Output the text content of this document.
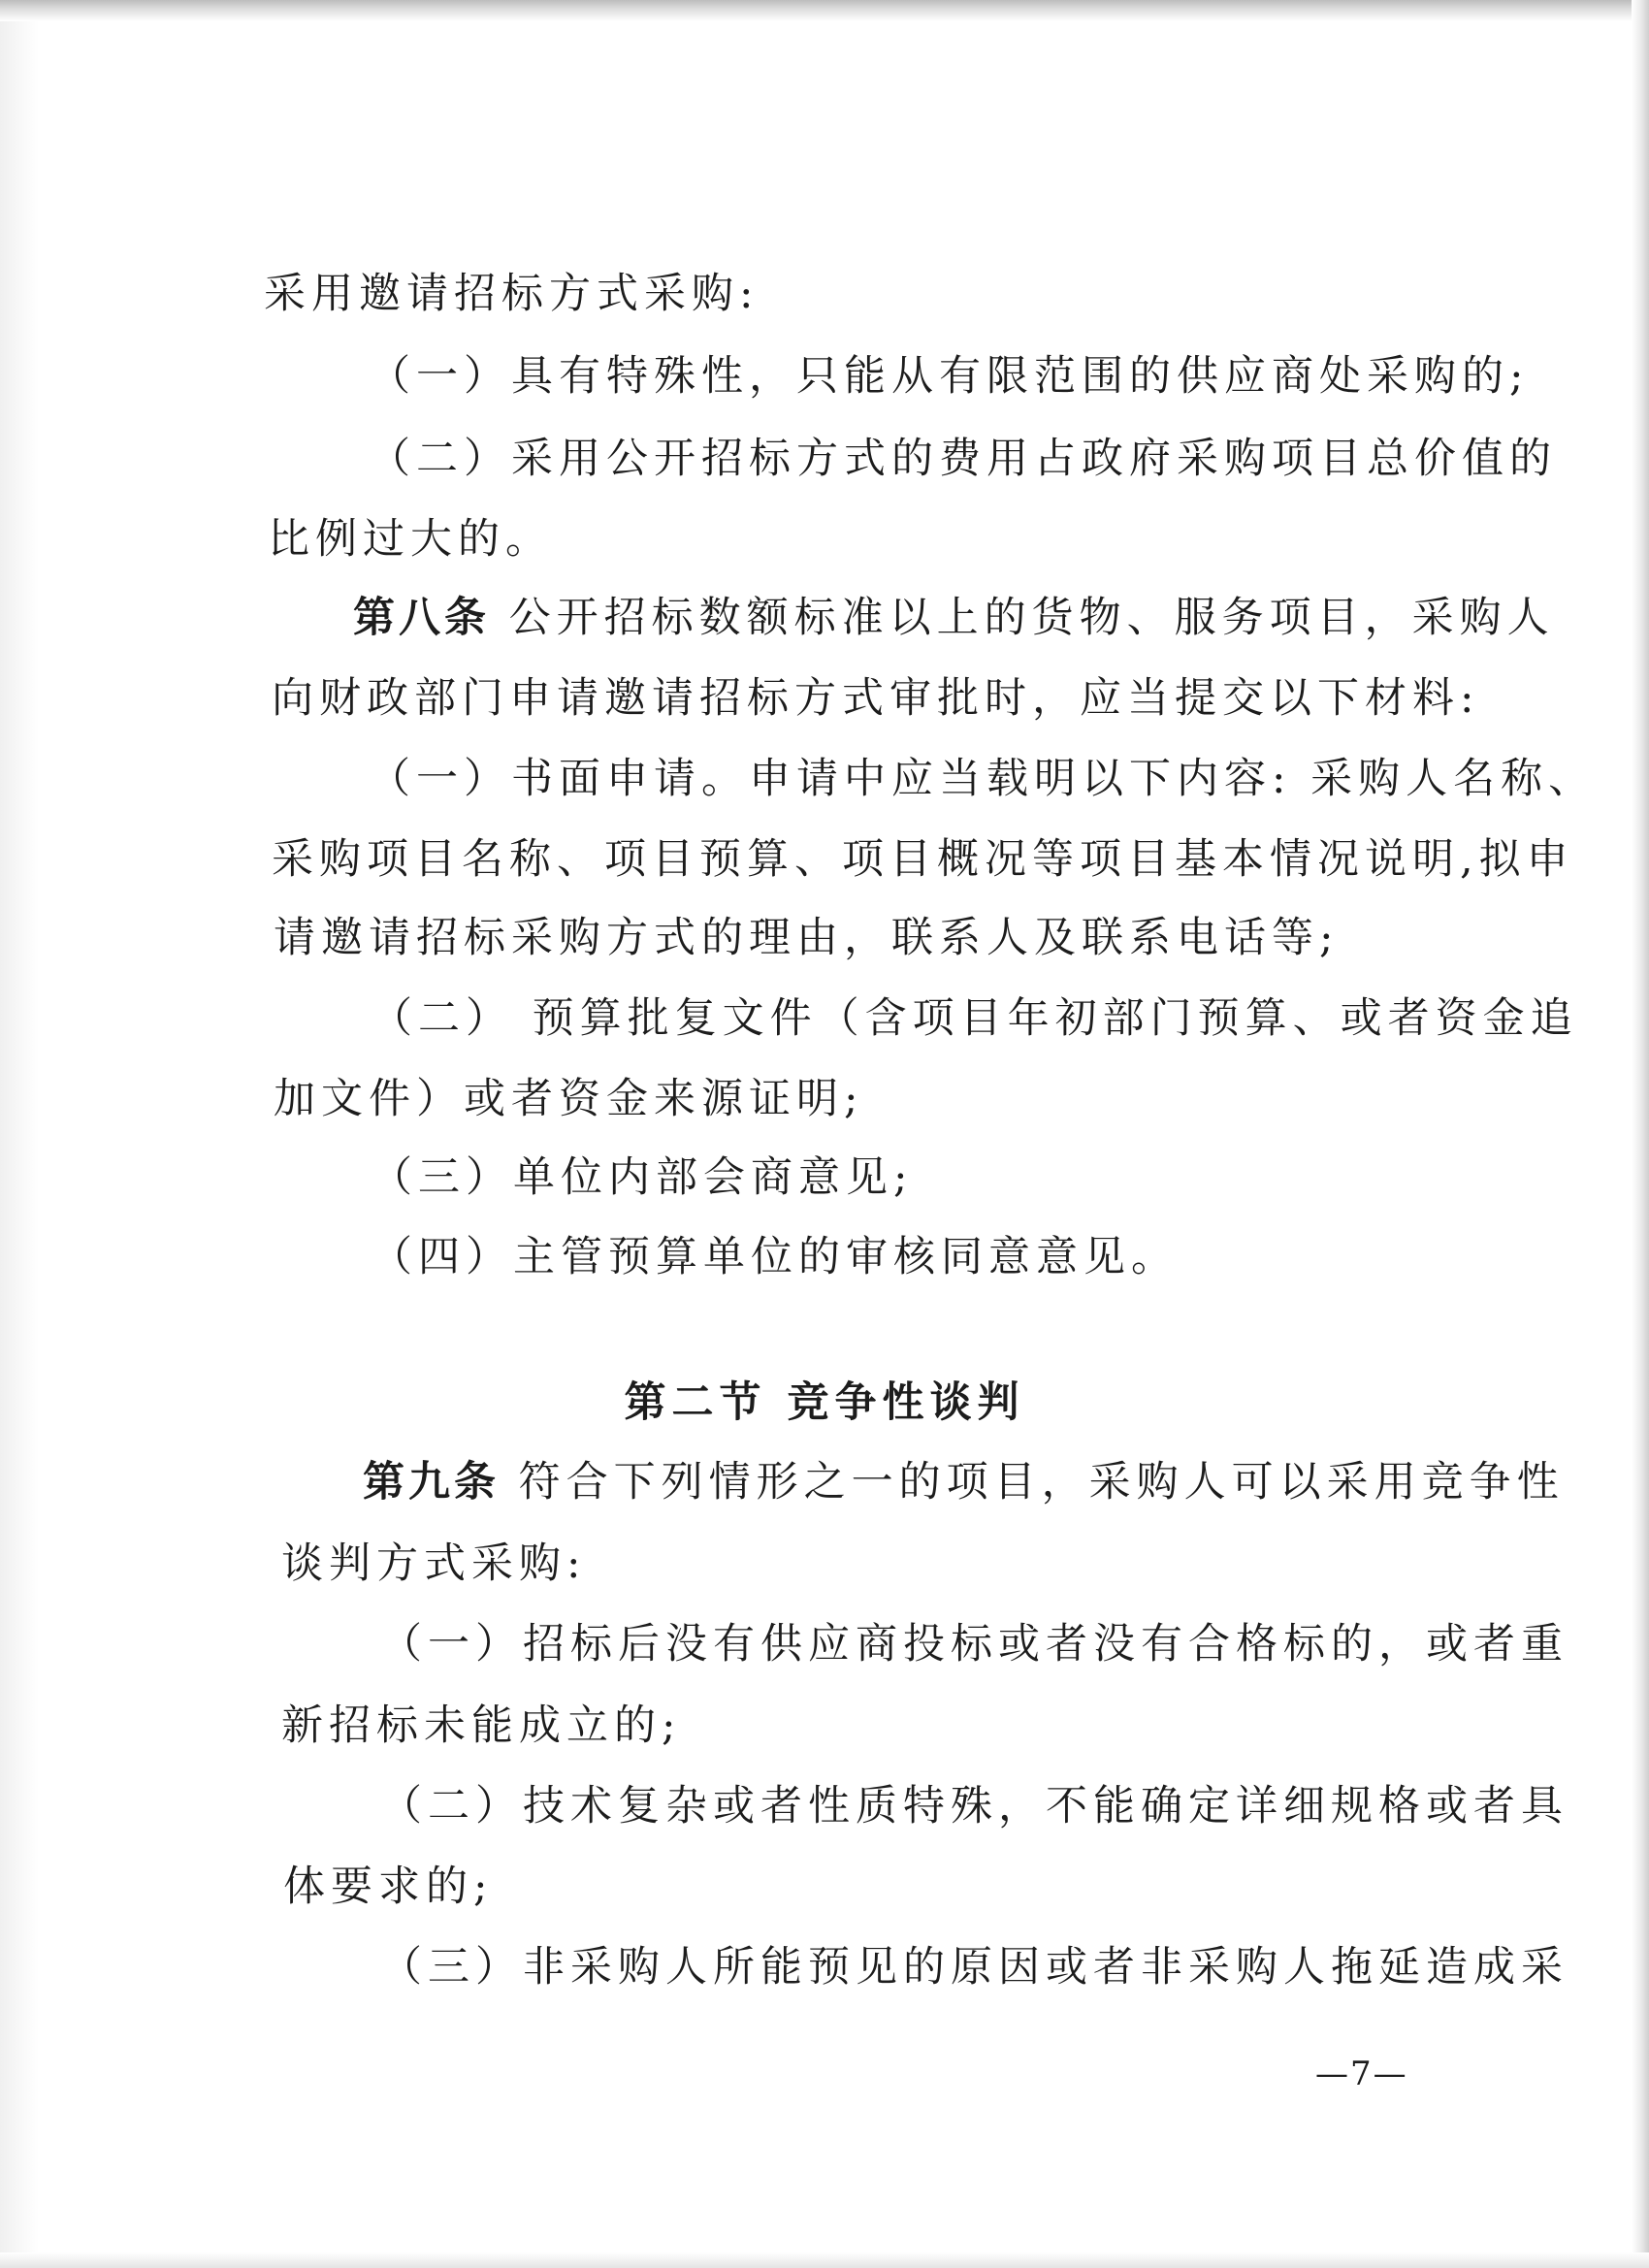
采用邀请招标方式采购:
（一）具有特殊性，只能从有限范围的供应商处采购的;
（二）采用公开招标方式的费用占政府采购项目总价值的
比例过大的。
第八条 公开招标数额标准以上的货物、服务项目，采购人
向财政部门申请邀请招标方式审批时，应当提交以下材料:
（一）书面申请。申请中应当载明以下内容: 采购人名称、
采购项目名称、项目预算、项目概况等项目基本情况说明,拟申
请邀请招标采购方式的理由，联系人及联系电话等;
（二） 预算批复文件（含项目年初部门预算、或者资金追
加文件）或者资金来源证明;
（三）单位内部会商意见;
（四）主管预算单位的审核同意意见。
第二节 竞争性谈判
第九条 符合下列情形之一的项目，采购人可以采用竞争性
谈判方式采购:
（一）招标后没有供应商投标或者没有合格标的，或者重
新招标未能成立的;
（二）技术复杂或者性质特殊，不能确定详细规格或者具
体要求的;
（三）非采购人所能预见的原因或者非采购人拖延造成采
—7—
